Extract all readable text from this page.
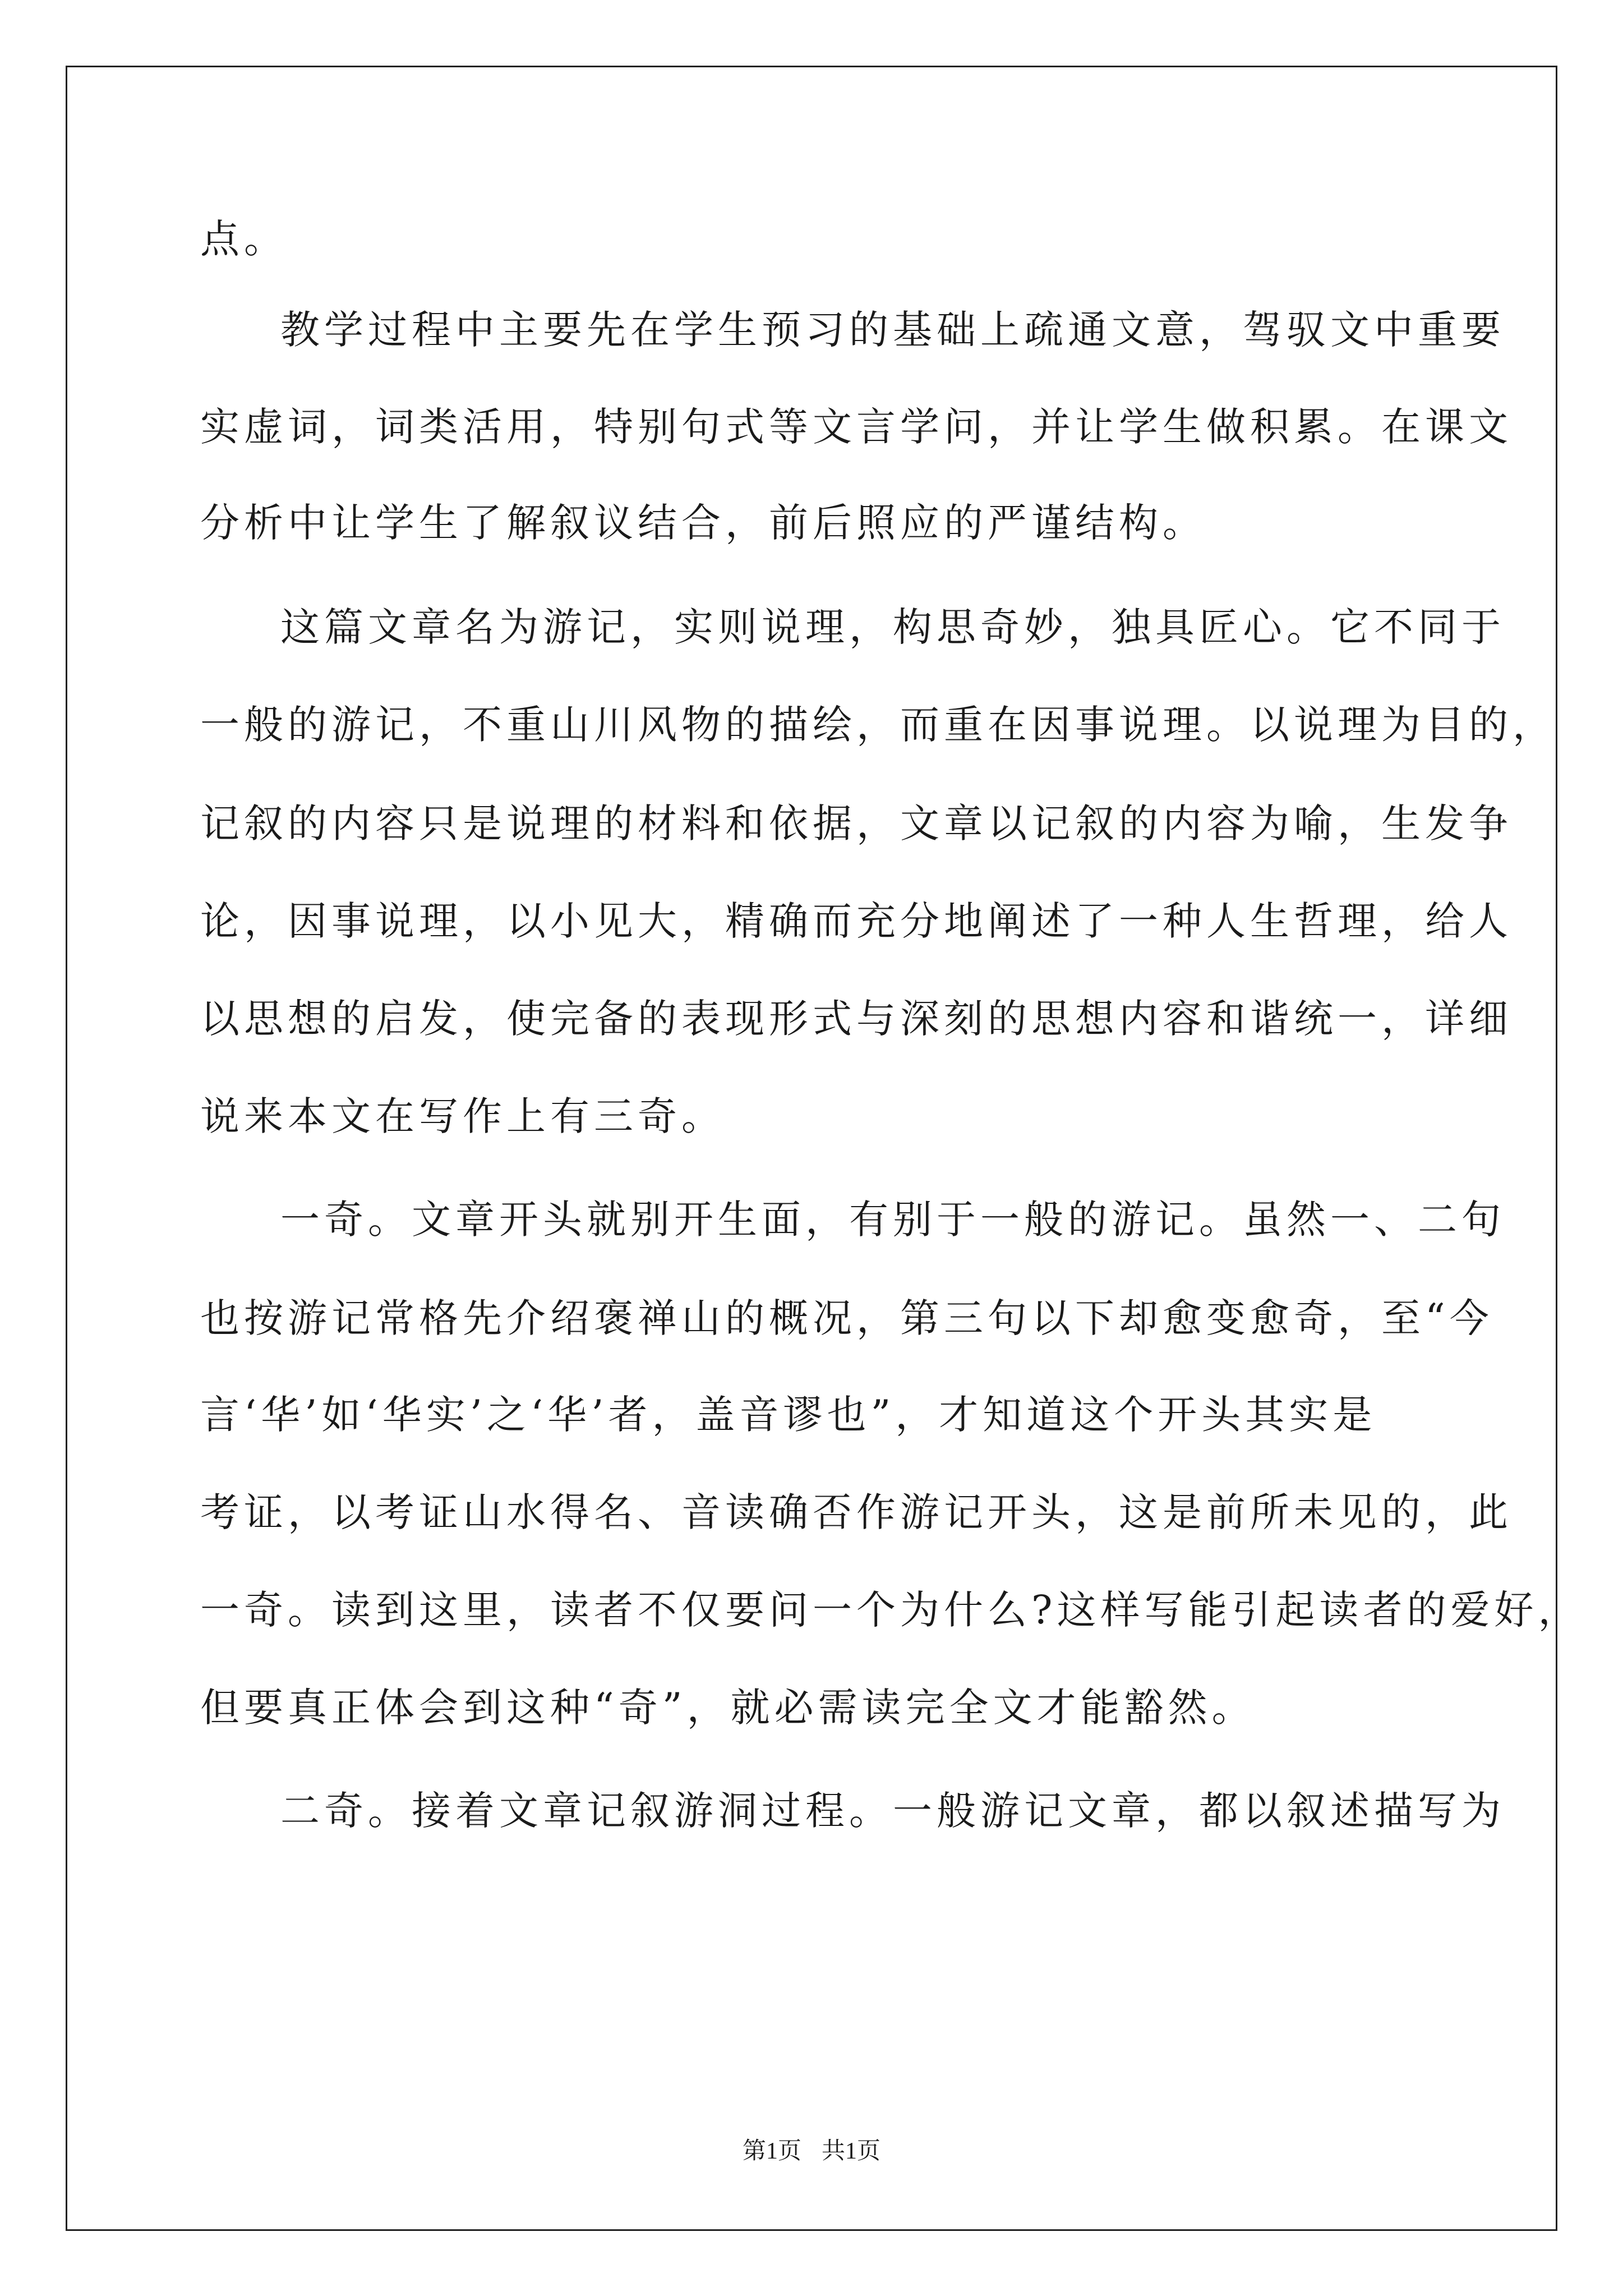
点。
教学过程中主要先在学生预习的基础上疏通文意，驾驭文中重要
实虚词，词类活用，特别句式等文言学问，并让学生做积累。在课文
分析中让学生了解叙议结合，前后照应的严谨结构。
这篇文章名为游记，实则说理，构思奇妙，独具匠心。它不同于
一般的游记，不重山川风物的描绘，而重在因事说理。以说理为目的，
记叙的内容只是说理的材料和依据，文章以记叙的内容为喻，生发争
论，因事说理，以小见大，精确而充分地阐述了一种人生哲理，给人
以思想的启发，使完备的表现形式与深刻的思想内容和谐统一，详细
说来本文在写作上有三奇。
一奇。文章开头就别开生面，有别于一般的游记。虽然一、二句
也按游记常格先介绍褒禅山的概况，第三句以下却愈变愈奇，至“今
言‘华’如‘华实’之‘华’者，盖音谬也”，才知道这个开头其实是
考证，以考证山水得名、音读确否作游记开头，这是前所未见的，此
一奇。读到这里，读者不仅要问一个为什么?这样写能引起读者的爱好，
但要真正体会到这种“奇”，就必需读完全文才能豁然。
二奇。接着文章记叙游洞过程。一般游记文章，都以叙述描写为
第1页 共1页
